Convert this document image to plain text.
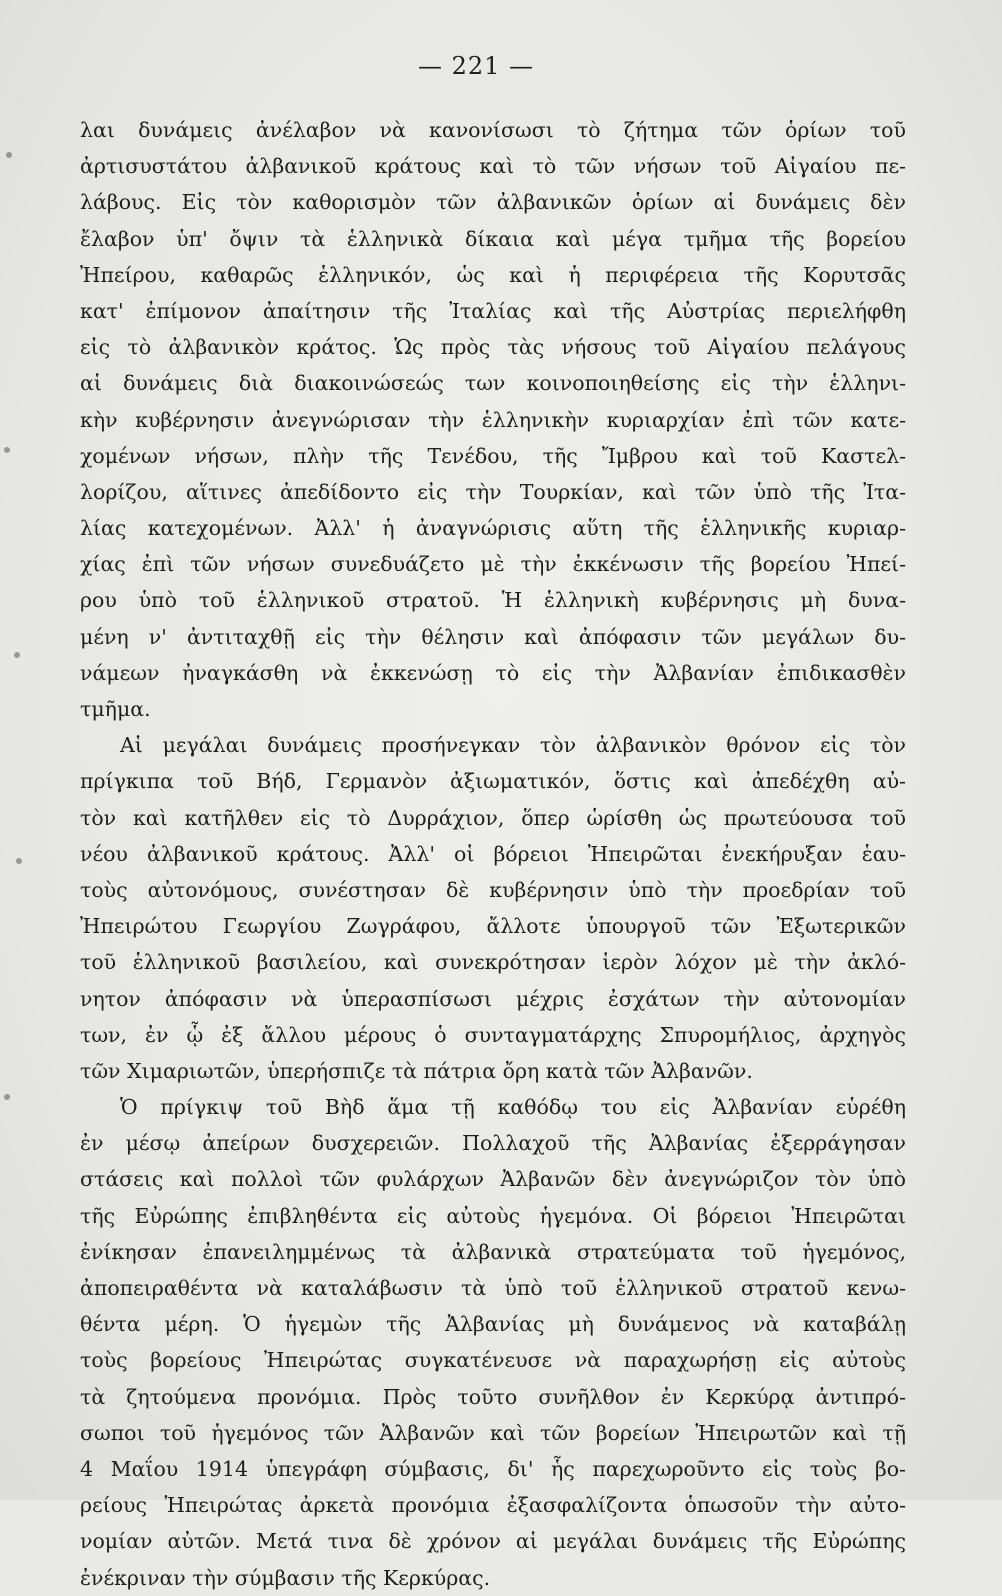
— 221 —
λαι δυνάμεις ἀνέλαβον νὰ κανονίσωσι τὸ ζήτημα τῶν ὁρίων τοῦ
ἀρτισυστάτου ἀλβανικοῦ κράτους καὶ τὸ τῶν νήσων τοῦ Αἰγαίου πε-
λάβους. Εἰς τὸν καθορισμὸν τῶν ἀλβανικῶν ὁρίων αἱ δυνάμεις δὲν
ἔλαβον ὑπ' ὄψιν τὰ ἑλληνικὰ δίκαια καὶ μέγα τμῆμα τῆς βορείου
Ἠπείρου, καθαρῶς ἑλληνικόν, ὡς καὶ ἡ περιφέρεια τῆς Κορυτσᾶς
κατ' ἐπίμονον ἀπαίτησιν τῆς Ἰταλίας καὶ τῆς Αὐστρίας περιελήφθη
εἰς τὸ ἀλβανικὸν κράτος. Ὡς πρὸς τὰς νήσους τοῦ Αἰγαίου πελάγους
αἱ δυνάμεις διὰ διακοινώσεώς των κοινοποιηθείσης εἰς τὴν ἑλληνι-
κὴν κυβέρνησιν ἀνεγνώρισαν τὴν ἑλληνικὴν κυριαρχίαν ἐπὶ τῶν κατε-
χομένων νήσων, πλὴν τῆς Τενέδου, τῆς Ἴμβρου καὶ τοῦ Καστελ-
λορίζου, αἵτινες ἀπεδίδοντο εἰς τὴν Τουρκίαν, καὶ τῶν ὑπὸ τῆς Ἰτα-
λίας κατεχομένων. Ἀλλ' ἡ ἀναγνώρισις αὕτη τῆς ἑλληνικῆς κυριαρ-
χίας ἐπὶ τῶν νήσων συνεδυάζετο μὲ τὴν ἐκκένωσιν τῆς βορείου Ἠπεί-
ρου ὑπὸ τοῦ ἑλληνικοῦ στρατοῦ. Ἡ ἑλληνικὴ κυβέρνησις μὴ δυνα-
μένη ν' ἀντιταχθῇ εἰς τὴν θέλησιν καὶ ἀπόφασιν τῶν μεγάλων δυ-
νάμεων ἠναγκάσθη νὰ ἐκκενώσῃ τὸ εἰς τὴν Ἀλβανίαν ἐπιδικασθὲν
τμῆμα.
Αἱ μεγάλαι δυνάμεις προσήνεγκαν τὸν ἀλβανικὸν θρόνον εἰς τὸν
πρίγκιπα τοῦ Βήδ, Γερμανὸν ἀξιωματικόν, ὅστις καὶ ἀπεδέχθη αὐ-
τὸν καὶ κατῆλθεν εἰς τὸ Δυρράχιον, ὅπερ ὡρίσθη ὡς πρωτεύουσα τοῦ
νέου ἀλβανικοῦ κράτους. Ἀλλ' οἱ βόρειοι Ἠπειρῶται ἐνεκήρυξαν ἑαυ-
τοὺς αὐτονόμους, συνέστησαν δὲ κυβέρνησιν ὑπὸ τὴν προεδρίαν τοῦ
Ἠπειρώτου Γεωργίου Ζωγράφου, ἄλλοτε ὑπουργοῦ τῶν Ἐξωτερικῶν
τοῦ ἑλληνικοῦ βασιλείου, καὶ συνεκρότησαν ἱερὸν λόχον μὲ τὴν ἀκλό-
νητον ἀπόφασιν νὰ ὑπερασπίσωσι μέχρις ἐσχάτων τὴν αὐτονομίαν
των, ἐν ᾧ ἐξ ἄλλου μέρους ὁ συνταγματάρχης Σπυρομήλιος, ἀρχηγὸς
τῶν Χιμαριωτῶν, ὑπερήσπιζε τὰ πάτρια ὄρη κατὰ τῶν Ἀλβανῶν.
Ὁ πρίγκιψ τοῦ Βὴδ ἅμα τῇ καθόδῳ του εἰς Ἀλβανίαν εὑρέθη
ἐν μέσῳ ἀπείρων δυσχερειῶν. Πολλαχοῦ τῆς Ἀλβανίας ἐξερράγησαν
στάσεις καὶ πολλοὶ τῶν φυλάρχων Ἀλβανῶν δὲν ἀνεγνώριζον τὸν ὑπὸ
τῆς Εὐρώπης ἐπιβληθέντα εἰς αὐτοὺς ἡγεμόνα. Οἱ βόρειοι Ἠπειρῶται
ἐνίκησαν ἐπανειλημμένως τὰ ἀλβανικὰ στρατεύματα τοῦ ἡγεμόνος,
ἀποπειραθέντα νὰ καταλάβωσιν τὰ ὑπὸ τοῦ ἑλληνικοῦ στρατοῦ κενω-
θέντα μέρη. Ὁ ἡγεμὼν τῆς Ἀλβανίας μὴ δυνάμενος νὰ καταβάλῃ
τοὺς βορείους Ἠπειρώτας συγκατένευσε νὰ παραχωρήσῃ εἰς αὐτοὺς
τὰ ζητούμενα προνόμια. Πρὸς τοῦτο συνῆλθον ἐν Κερκύρᾳ ἀντιπρό-
σωποι τοῦ ἡγεμόνος τῶν Ἀλβανῶν καὶ τῶν βορείων Ἠπειρωτῶν καὶ τῇ
4 Μαΐου 1914 ὑπεγράφη σύμβασις, δι' ἧς παρεχωροῦντο εἰς τοὺς βο-
ρείους Ἠπειρώτας ἀρκετὰ προνόμια ἐξασφαλίζοντα ὁπωσοῦν τὴν αὐτο-
νομίαν αὐτῶν. Μετά τινα δὲ χρόνον αἱ μεγάλαι δυνάμεις τῆς Εὐρώπης
ἐνέκριναν τὴν σύμβασιν τῆς Κερκύρας.
